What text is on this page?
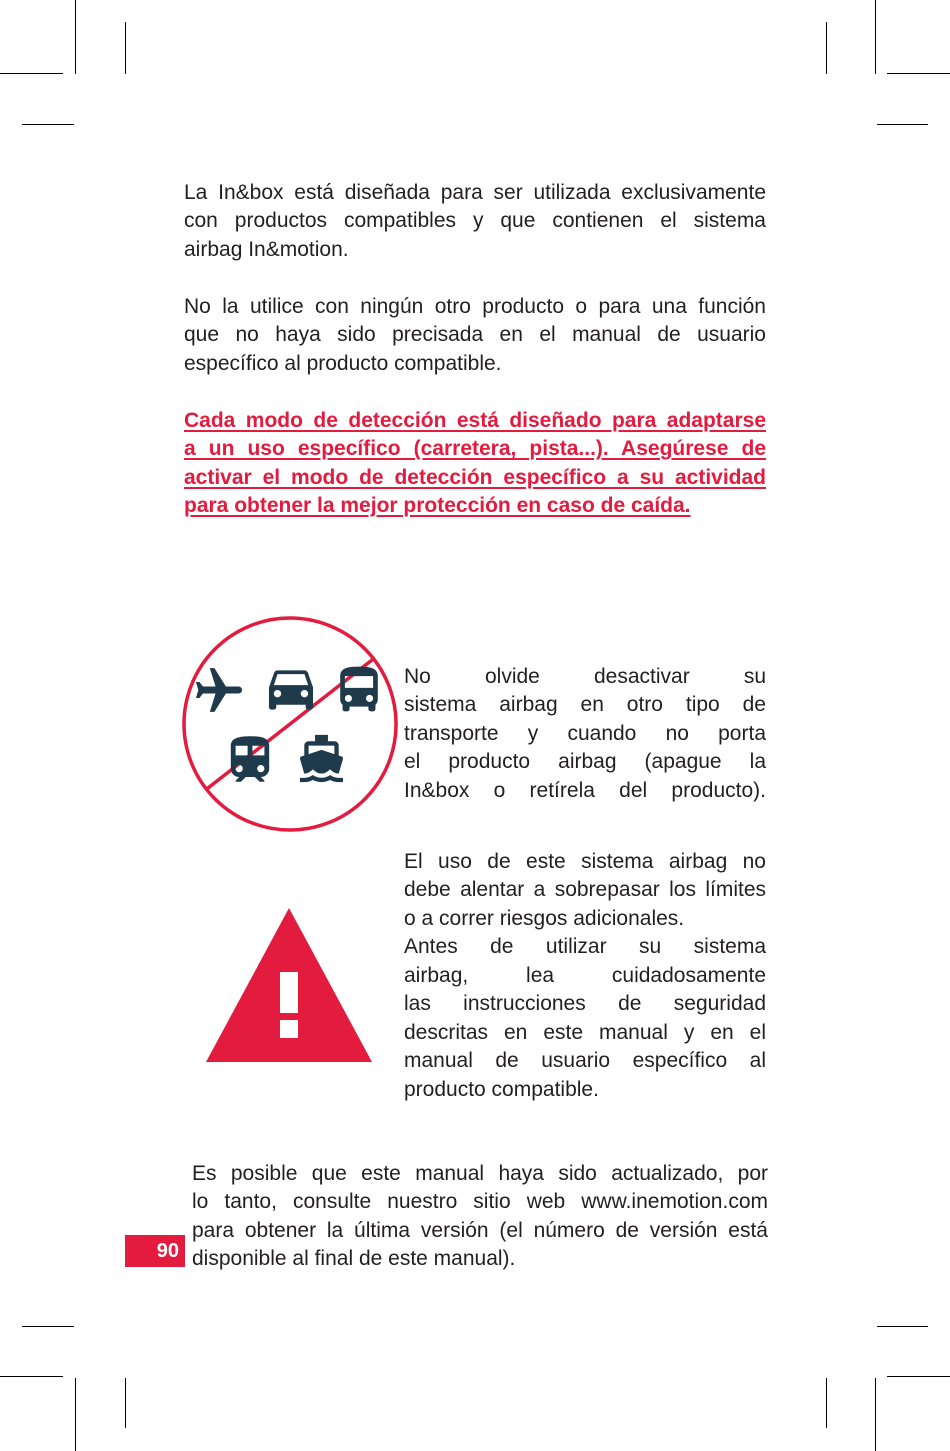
La In&box está diseñada para ser utilizada exclusivamente
con productos compatibles y que contienen el sistema
airbag In&motion.
No la utilice con ningún otro producto o para una función
que no haya sido precisada en el manual de usuario
específico al producto compatible.
Cada modo de detección está diseñado para adaptarse
a un uso específico (carretera, pista...). Asegúrese de
activar el modo de detección específico a su actividad
para obtener la mejor protección en caso de caída.
No olvide desactivar su
sistema airbag en otro tipo de
transporte y cuando no porta
el producto airbag (apague la
In&box o retírela del producto).
El uso de este sistema airbag no
debe alentar a sobrepasar los límites
o a correr riesgos adicionales.
Antes de utilizar su sistema
airbag, lea cuidadosamente
las instrucciones de seguridad
descritas en este manual y en el
manual de usuario específico al
producto compatible.
Es posible que este manual haya sido actualizado, por
lo tanto, consulte nuestro sitio web www.inemotion.com
para obtener la última versión (el número de versión está
disponible al final de este manual).
90
